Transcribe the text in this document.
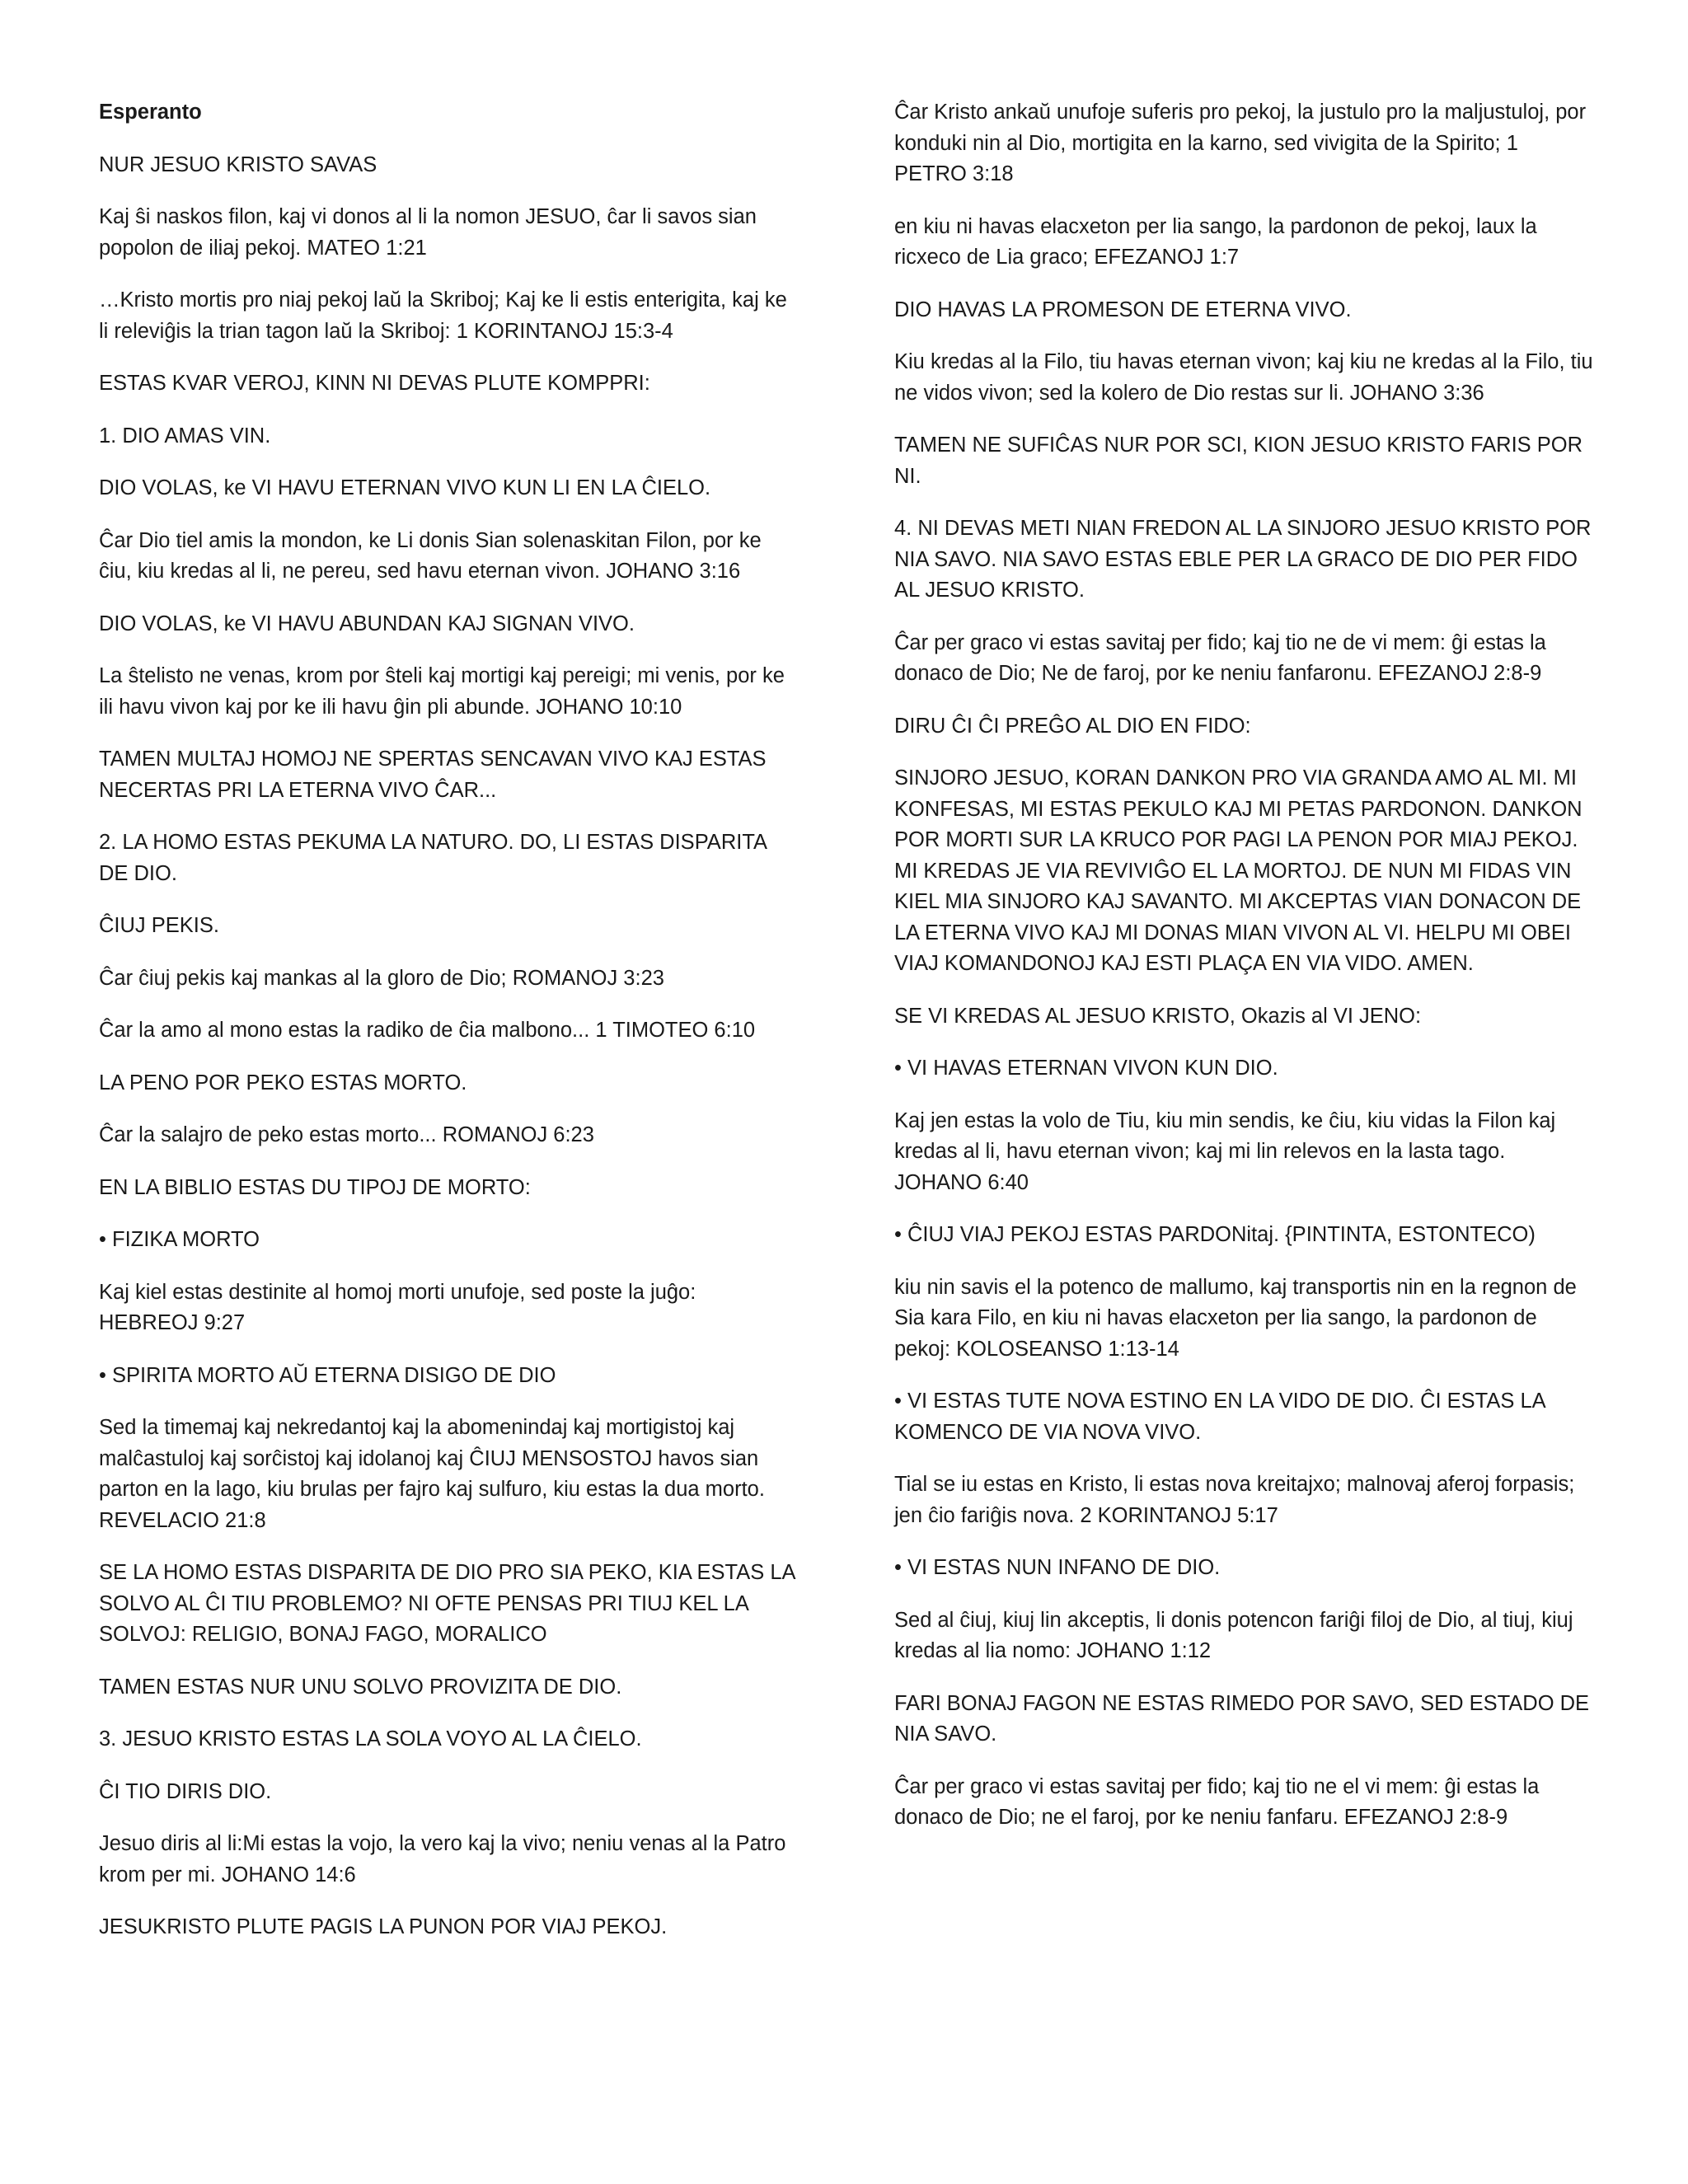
Esperanto

NUR JESUO KRISTO SAVAS

Kaj ŝi naskos filon, kaj vi donos al li la nomon JESUO, ĉar li savos sian popolon de iliaj pekoj. MATEO 1:21

…Kristo mortis pro niaj pekoj laŭ la Skriboj; Kaj ke li estis enterigita, kaj ke li releviĝis la trian tagon laŭ la Skriboj: 1 KORINTANOJ 15:3-4

ESTAS KVAR VEROJ, KINN NI DEVAS PLUTE KOMPPRI:

1. DIO AMAS VIN.

DIO VOLAS, ke VI HAVU ETERNAN VIVO KUN LI EN LA ĈIELO.

Ĉar Dio tiel amis la mondon, ke Li donis Sian solenaskitan Filon, por ke ĉiu, kiu kredas al li, ne pereu, sed havu eternan vivon. JOHANO 3:16

DIO VOLAS, ke VI HAVU ABUNDAN KAJ SIGNAN VIVO.

La ŝtelisto ne venas, krom por ŝteli kaj mortigi kaj pereigi; mi venis, por ke ili havu vivon kaj por ke ili havu ĝin pli abunde. JOHANO 10:10

TAMEN MULTAJ HOMOJ NE SPERTAS SENCAVAN VIVO KAJ ESTAS NECERTAS PRI LA ETERNA VIVO ĈAR...

2. LA HOMO ESTAS PEKUMA LA NATURO. DO, LI ESTAS DISPARITA DE DIO.

ĈIUJ PEKIS.

Ĉar ĉiuj pekis kaj mankas al la gloro de Dio; ROMANOJ 3:23

Ĉar la amo al mono estas la radiko de ĉia malbono... 1 TIMOTEO 6:10

LA PENO POR PEKO ESTAS MORTO.

Ĉar la salajro de peko estas morto... ROMANOJ 6:23

EN LA BIBLIO ESTAS DU TIPOJ DE MORTO:

• FIZIKA MORTO

Kaj kiel estas destinite al homoj morti unufoje, sed poste la juĝo: HEBREOJ 9:27

• SPIRITA MORTO AŬ ETERNA DISIGO DE DIO

Sed la timemaj kaj nekredantoj kaj la abomenindaj kaj mortigistoj kaj malĉastuloj kaj sorĉistoj kaj idolanoj kaj ĈIUJ MENSOSTOJ havos sian parton en la lago, kiu brulas per fajro kaj sulfuro, kiu estas la dua morto. REVELACIO 21:8

SE LA HOMO ESTAS DISPARITA DE DIO PRO SIA PEKO, KIA ESTAS LA SOLVO AL ĈI TIU PROBLEMO? NI OFTE PENSAS PRI TIUJ KEL LA SOLVOJ: RELIGIO, BONAJ FAGO, MORALICO

TAMEN ESTAS NUR UNU SOLVO PROVIZITA DE DIO.

3. JESUO KRISTO ESTAS LA SOLA VOYO AL LA ĈIELO.

ĈI TIO DIRIS DIO.

Jesuo diris al li:Mi estas la vojo, la vero kaj la vivo; neniu venas al la Patro krom per mi. JOHANO 14:6

JESUKRISTO PLUTE PAGIS LA PUNON POR VIAJ PEKOJ.

Ĉar Kristo ankaŭ unufoje suferis pro pekoj, la justulo pro la maljustuloj, por konduki nin al Dio, mortigita en la karno, sed vivigita de la Spirito; 1 PETRO 3:18

en kiu ni havas elacxeton per lia sango, la pardonon de pekoj, laux la ricxeco de Lia graco; EFEZANOJ 1:7

DIO HAVAS LA PROMESON DE ETERNA VIVO.

Kiu kredas al la Filo, tiu havas eternan vivon; kaj kiu ne kredas al la Filo, tiu ne vidos vivon; sed la kolero de Dio restas sur li. JOHANO 3:36

TAMEN NE SUFIĈAS NUR POR SCI, KION JESUO KRISTO FARIS POR NI.

4. NI DEVAS METI NIAN FREDON AL LA SINJORO JESUO KRISTO POR NIA SAVO. NIA SAVO ESTAS EBLE PER LA GRACO DE DIO PER FIDO AL JESUO KRISTO.

Ĉar per graco vi estas savitaj per fido; kaj tio ne de vi mem: ĝi estas la donaco de Dio; Ne de faroj, por ke neniu fanfaronu. EFEZANOJ 2:8-9

DIRU ĈI ĈI PREĜO AL DIO EN FIDO:

SINJORO JESUO, KORAN DANKON PRO VIA GRANDA AMO AL MI. MI KONFESAS, MI ESTAS PEKULO KAJ MI PETAS PARDONON. DANKON POR MORTI SUR LA KRUCO POR PAGI LA PENON POR MIAJ PEKOJ. MI KREDAS JE VIA REVIVIĜO EL LA MORTOJ. DE NUN MI FIDAS VIN KIEL MIA SINJORO KAJ SAVANTO. MI AKCEPTAS VIAN DONACON DE LA ETERNA VIVO KAJ MI DONAS MIAN VIVON AL VI. HELPU MI OBEI VIAJ KOMANDONOJ KAJ ESTI PLAÇA EN VIA VIDO. AMEN.

SE VI KREDAS AL JESUO KRISTO, Okazis al VI JENO:

• VI HAVAS ETERNAN VIVON KUN DIO.

Kaj jen estas la volo de Tiu, kiu min sendis, ke ĉiu, kiu vidas la Filon kaj kredas al li, havu eternan vivon; kaj mi lin relevos en la lasta tago. JOHANO 6:40

• ĈIUJ VIAJ PEKOJ ESTAS PARDONitaj. {PINTINTA, ESTONTECO)

kiu nin savis el la potenco de mallumo, kaj transportis nin en la regnon de Sia kara Filo, en kiu ni havas elacxeton per lia sango, la pardonon de pekoj: KOLOSEANSO 1:13-14

• VI ESTAS TUTE NOVA ESTINO EN LA VIDO DE DIO. ĈI ESTAS LA KOMENCO DE VIA NOVA VIVO.

Tial se iu estas en Kristo, li estas nova kreitajxo; malnovaj aferoj forpasis; jen ĉio fariĝis nova. 2 KORINTANOJ 5:17

• VI ESTAS NUN INFANO DE DIO.

Sed al ĉiuj, kiuj lin akceptis, li donis potencon fariĝi filoj de Dio, al tiuj, kiuj kredas al lia nomo: JOHANO 1:12

FARI BONAJ FAGON NE ESTAS RIMEDO POR SAVO, SED ESTADO DE NIA SAVO.

Ĉar per graco vi estas savitaj per fido; kaj tio ne el vi mem: ĝi estas la donaco de Dio; ne el faroj, por ke neniu fanfaru. EFEZANOJ 2:8-9
